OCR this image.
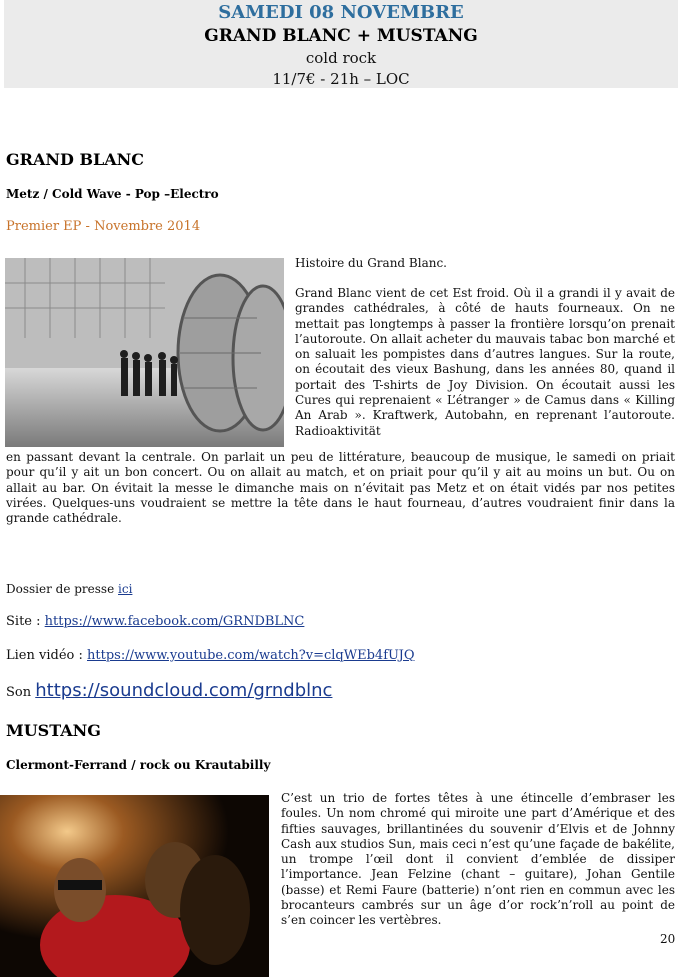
SAMEDI 08 NOVEMBRE
GRAND BLANC + MUSTANG
cold rock
11/7€ - 21h – LOC
GRAND BLANC
Metz / Cold Wave - Pop –Electro
Premier EP - Novembre 2014
Histoire du Grand Blanc.
Grand Blanc vient de cet Est froid. Où il a grandi il y avait de grandes cathédrales, à côté de hauts fourneaux. On ne mettait pas longtemps à passer la frontière lorsqu’on prenait l’autoroute. On allait acheter du mauvais tabac bon marché et on saluait les pompistes dans d’autres langues. Sur la route, on écoutait des vieux Bashung, dans les années 80, quand il portait des T-shirts de Joy Division. On écoutait aussi les Cures qui reprenaient « L’étranger » de Camus dans « Killing An Arab ». Kraftwerk, Autobahn, en reprenant l’autoroute. Radioaktivität
en passant devant la centrale. On parlait un peu de littérature, beaucoup de musique, le samedi on priait pour qu’il y ait un bon concert. Ou on allait au match, et on priait pour qu’il y ait au moins un but. Ou on allait au bar. On évitait la messe le dimanche mais on n’évitait pas Metz et on était vidés par nos petites virées. Quelques-uns voudraient se mettre la tête dans le haut fourneau, d’autres voudraient finir dans la grande cathédrale.
Dossier de presse ici
Site : https://www.facebook.com/GRNDBLNC
Lien vidéo : https://www.youtube.com/watch?v=clqWEb4fUJQ
Son https://soundcloud.com/grndblnc
MUSTANG
Clermont-Ferrand / rock ou Krautabilly
C’est un trio de fortes têtes à une étincelle d’embraser les foules. Un nom chromé qui miroite une part d’Amérique et des fifties sauvages, brillantinées du souvenir d’Elvis et de Johnny Cash aux studios Sun, mais ceci n’est qu’une façade de bakélite, un trompe l’œil dont il convient d’emblée de dissiper l’importance. Jean Felzine (chant – guitare), Johan Gentile (basse) et Remi Faure (batterie) n’ont rien en commun avec les brocanteurs cambrés sur un âge d’or rock’n’roll au point de s’en coincer les vertèbres.
20
